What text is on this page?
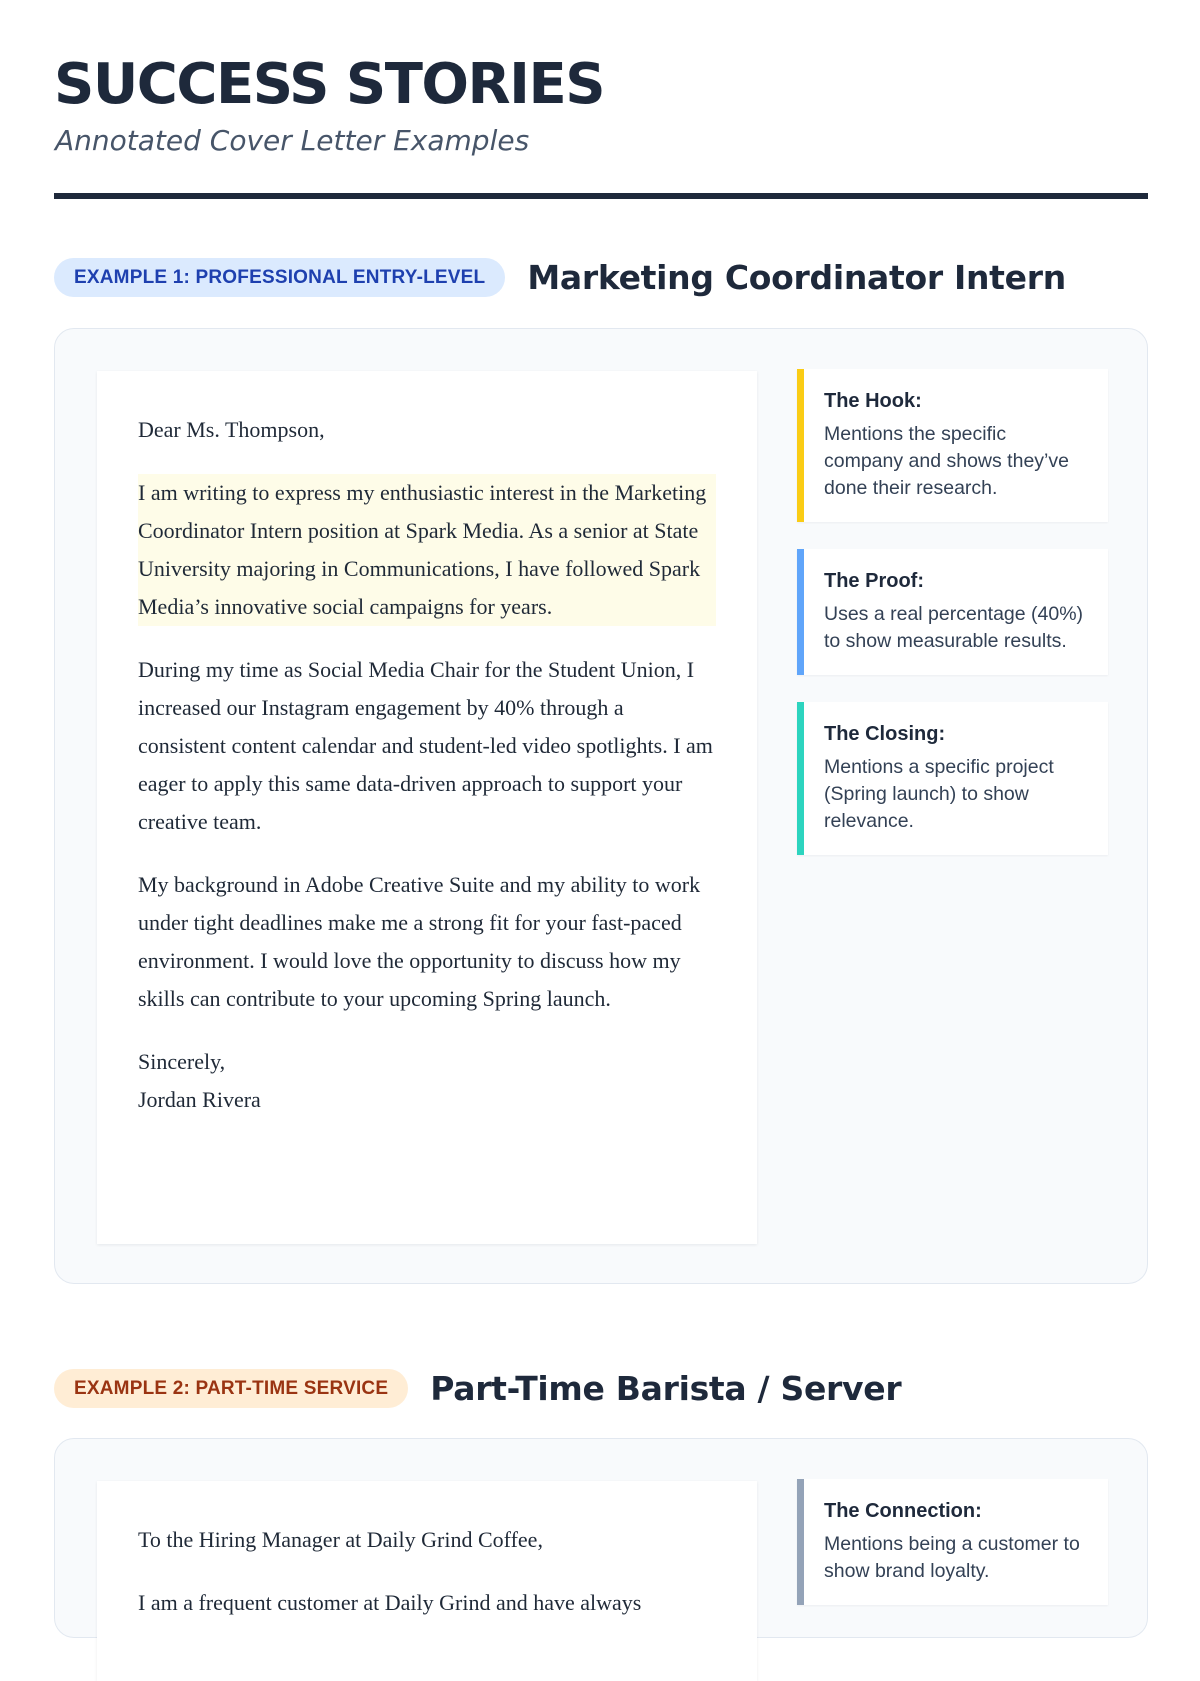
SUCCESS STORIES
Annotated Cover Letter Examples
EXAMPLE 1: PROFESSIONAL ENTRY-LEVEL	Marketing Coordinator Intern

Dear Ms. Thompson,

I am writing to express my enthusiastic interest in the Marketing Coordinator Intern position at Spark Media. As a senior at State University majoring in Communications, I have followed Spark Media’s innovative social campaigns for years.

During my time as Social Media Chair for the Student Union, I increased our Instagram engagement by 40% through a consistent content calendar and student-led video spotlights. I am eager to apply this same data-driven approach to support your creative team.

My background in Adobe Creative Suite and my ability to work under tight deadlines make me a strong fit for your fast-paced environment. I would love the opportunity to discuss how my skills can contribute to your upcoming Spring launch.

Sincerely,
Jordan Rivera

The Hook:
Mentions the specific company and shows they’ve done their research.
The Proof:
Uses a real percentage (40%) to show measurable results.
The Closing:
Mentions a specific project (Spring launch) to show relevance.
EXAMPLE 2: PART-TIME SERVICE	Part-Time Barista / Server

To the Hiring Manager at Daily Grind Coffee,

I am a frequent customer at Daily Grind and have always

The Connection:
Mentions being a customer to show brand loyalty.
